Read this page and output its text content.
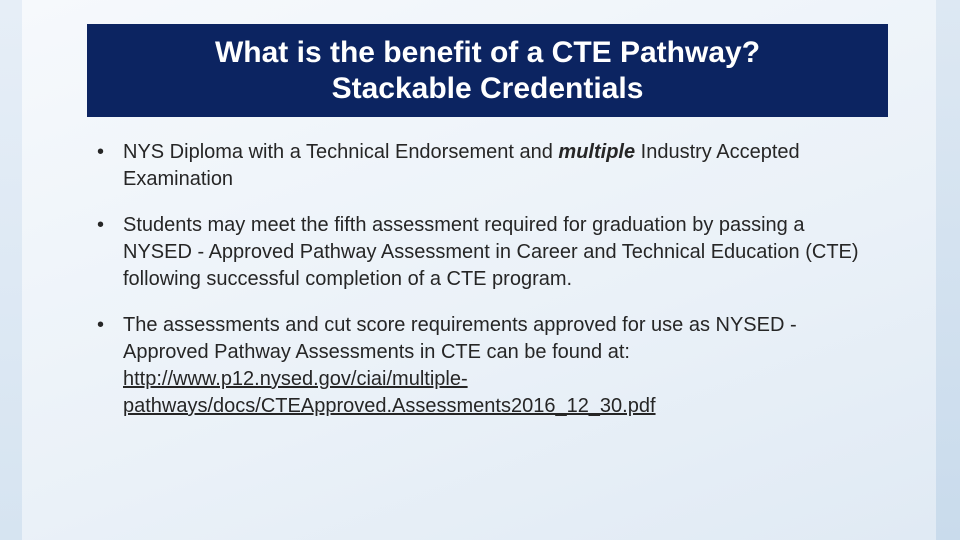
What is the benefit of a CTE Pathway?
Stackable Credentials
• NYS Diploma with a Technical Endorsement and multiple Industry Accepted Examination
• Students may meet the fifth assessment required for graduation by passing a NYSED - Approved Pathway Assessment in Career and Technical Education (CTE) following successful completion of a CTE program.
• The assessments and cut score requirements approved for use as NYSED - Approved Pathway Assessments in CTE can be found at: http://www.p12.nysed.gov/ciai/multiple-
pathways/docs/CTEApproved.Assessments2016_12_30.pdf
